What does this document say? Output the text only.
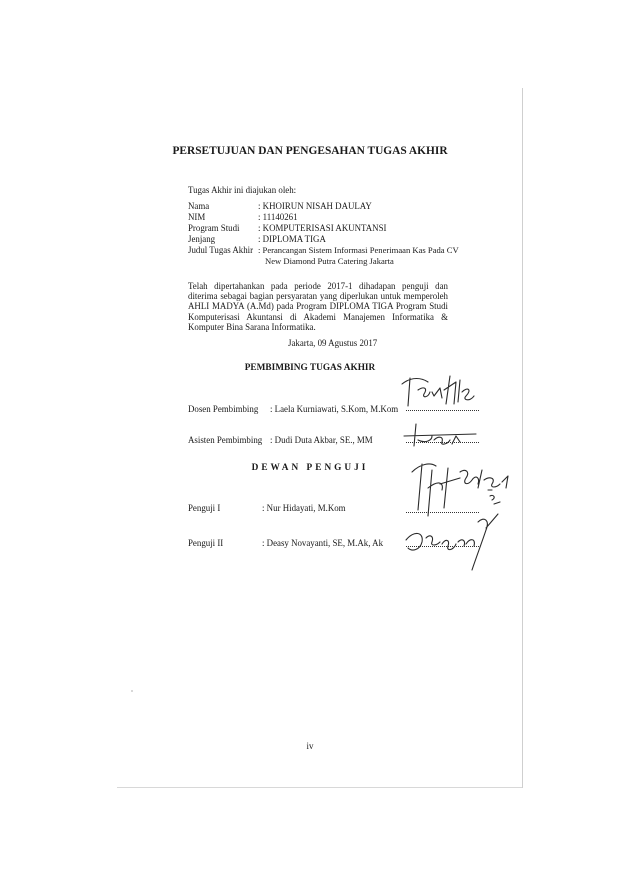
PERSETUJUAN DAN PENGESAHAN TUGAS AKHIR
Tugas Akhir ini diajukan oleh:
Nama	: KHOIRUN NISAH DAULAY
NIM	: 11140261
Program Studi : KOMPUTERISASI AKUNTANSI
Jenjang	: DIPLOMA TIGA
Judul Tugas Akhir : Perancangan Sistem Informasi Penerimaan Kas Pada CV
New Diamond Putra Catering Jakarta
Telah dipertahankan pada periode 2017-1 dihadapan penguji dan diterima sebagai bagian persyaratan yang diperlukan untuk memperoleh AHLI MADYA (A.Md) pada Program DIPLOMA TIGA Program Studi Komputerisasi Akuntansi di Akademi Manajemen Informatika & Komputer Bina Sarana Informatika.
Jakarta, 09 Agustus 2017
PEMBIMBING TUGAS AKHIR
Dosen Pembimbing : Laela Kurniawati, S.Kom, M.Kom
Asisten Pembimbing : Dudi Duta Akbar, SE., MM
DEWAN PENGUJI
Penguji I	: Nur Hidayati, M.Kom
Penguji II	: Deasy Novayanti, SE, M.Ak, Ak
iv
